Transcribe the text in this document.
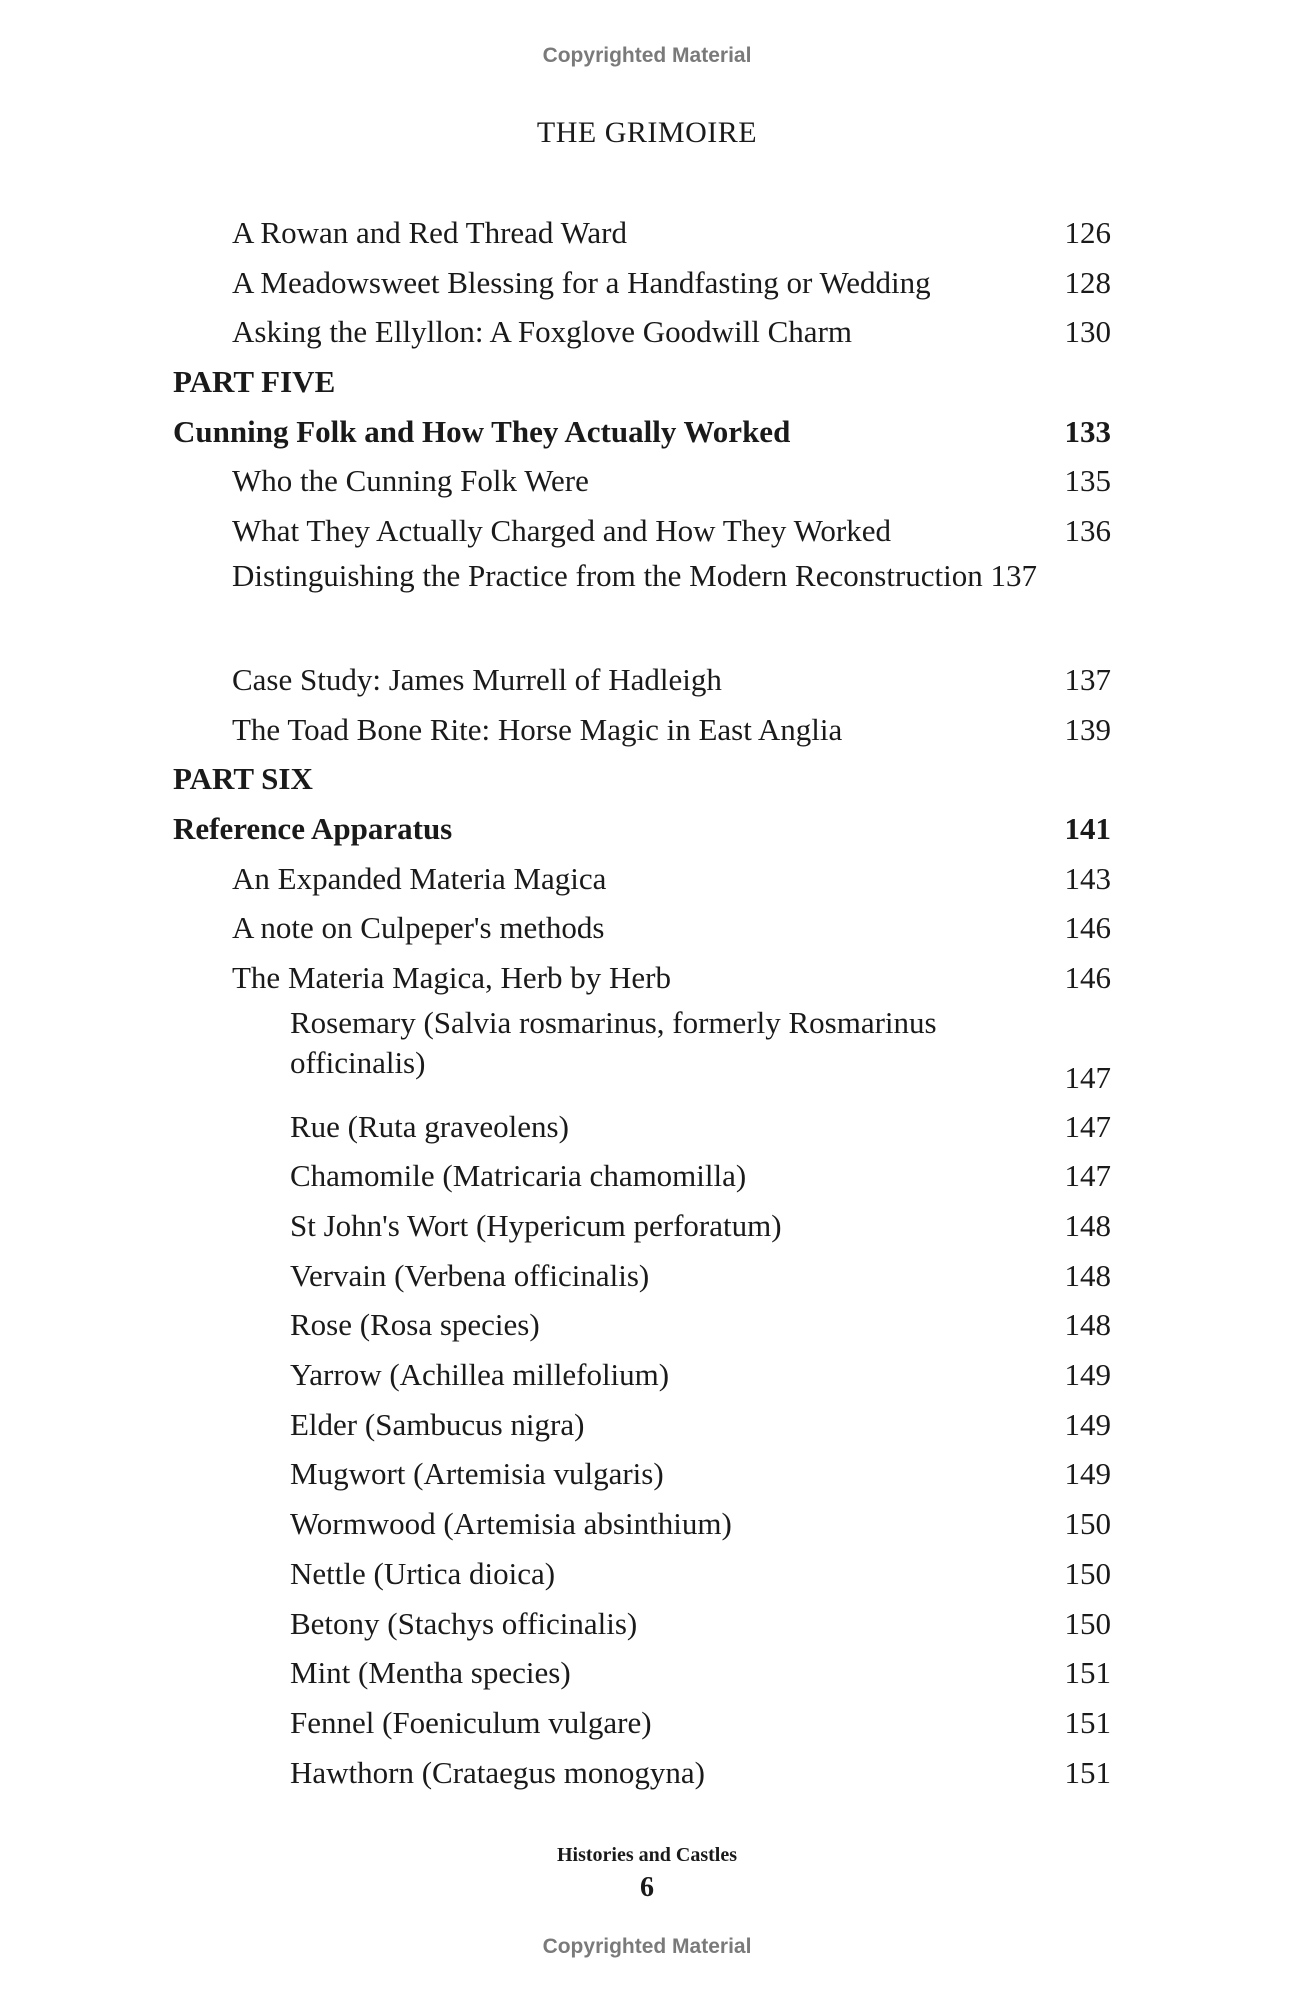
Copyrighted Material
THE GRIMOIRE
A Rowan and Red Thread Ward	126
A Meadowsweet Blessing for a Handfasting or Wedding	128
Asking the Ellyllon: A Foxglove Goodwill Charm	130
PART FIVE
Cunning Folk and How They Actually Worked	133
Who the Cunning Folk Were	135
What They Actually Charged and How They Worked	136
Distinguishing the Practice from the Modern Reconstruction 137
Case Study: James Murrell of Hadleigh	137
The Toad Bone Rite: Horse Magic in East Anglia	139
PART SIX
Reference Apparatus	141
An Expanded Materia Magica	143
A note on Culpeper's methods	146
The Materia Magica, Herb by Herb	146
Rosemary (Salvia rosmarinus, formerly Rosmarinus officinalis)	147
Rue (Ruta graveolens)	147
Chamomile (Matricaria chamomilla)	147
St John's Wort (Hypericum perforatum)	148
Vervain (Verbena officinalis)	148
Rose (Rosa species)	148
Yarrow (Achillea millefolium)	149
Elder (Sambucus nigra)	149
Mugwort (Artemisia vulgaris)	149
Wormwood (Artemisia absinthium)	150
Nettle (Urtica dioica)	150
Betony (Stachys officinalis)	150
Mint (Mentha species)	151
Fennel (Foeniculum vulgare)	151
Hawthorn (Crataegus monogyna)	151
Histories and Castles
6
Copyrighted Material
